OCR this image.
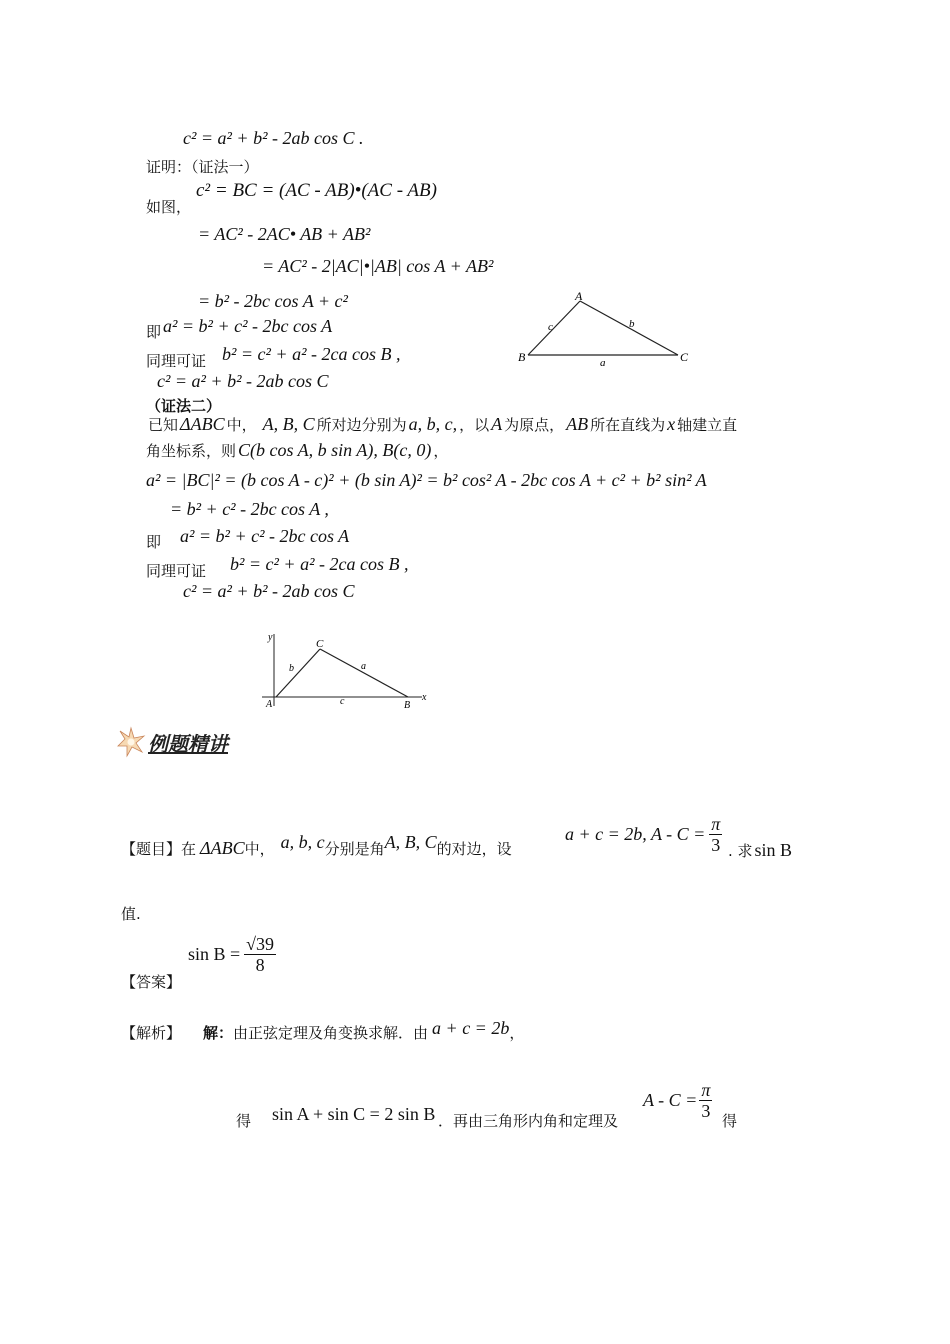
c² = a² + b² - 2ab cos C .
证明：（证法一）
如图，
c² = BC = (AC - AB)•(AC - AB)
= AC² - 2AC• AB + AB²
= AC² - 2|AC|•|AB| cos A + AB²
= b² - 2bc cos A + c²
即 a² = b² + c² - 2bc cos A
同理可证 b² = c² + a² - 2ca cos B ,
c² = a² + b² - 2ab cos C
A
B	C
c	b
a
（证法二）
已知 ΔABC 中， A, B, C 所对边分别为 a, b, c, ，以 A 为原点， AB 所在直线为 x 轴建立直
角坐标系，则 C(b cos A, b sin A), B(c, 0) ，
a² = |BC|² = (b cos A - c)² + (b sin A)² = b² cos² A - 2bc cos A + c² + b² sin² A
= b² + c² - 2bc cos A ,
即 a² = b² + c² - 2bc cos A
同理可证 b² = c² + a² - 2ca cos B ,
c² = a² + b² - 2ab cos C
y
x
C
A	B
b	a
c
例题精讲
【题目】 在 ΔABC 中， a, b, c 分别是角 A, B, C 的对边，设
a + c = 2b, $A - C = \frac{\pi}{3}$ . 求 sin B
值.
【答案】
$\sin B = \frac{√39}{8}$
【解析】 解： 由正弦定理及角变换求解．由 a + c = 2b ，
得 sin A + sin C = 2 sin B ．再由三角形内角和定理及
$A - C = \frac{\pi}{3}$ 得
